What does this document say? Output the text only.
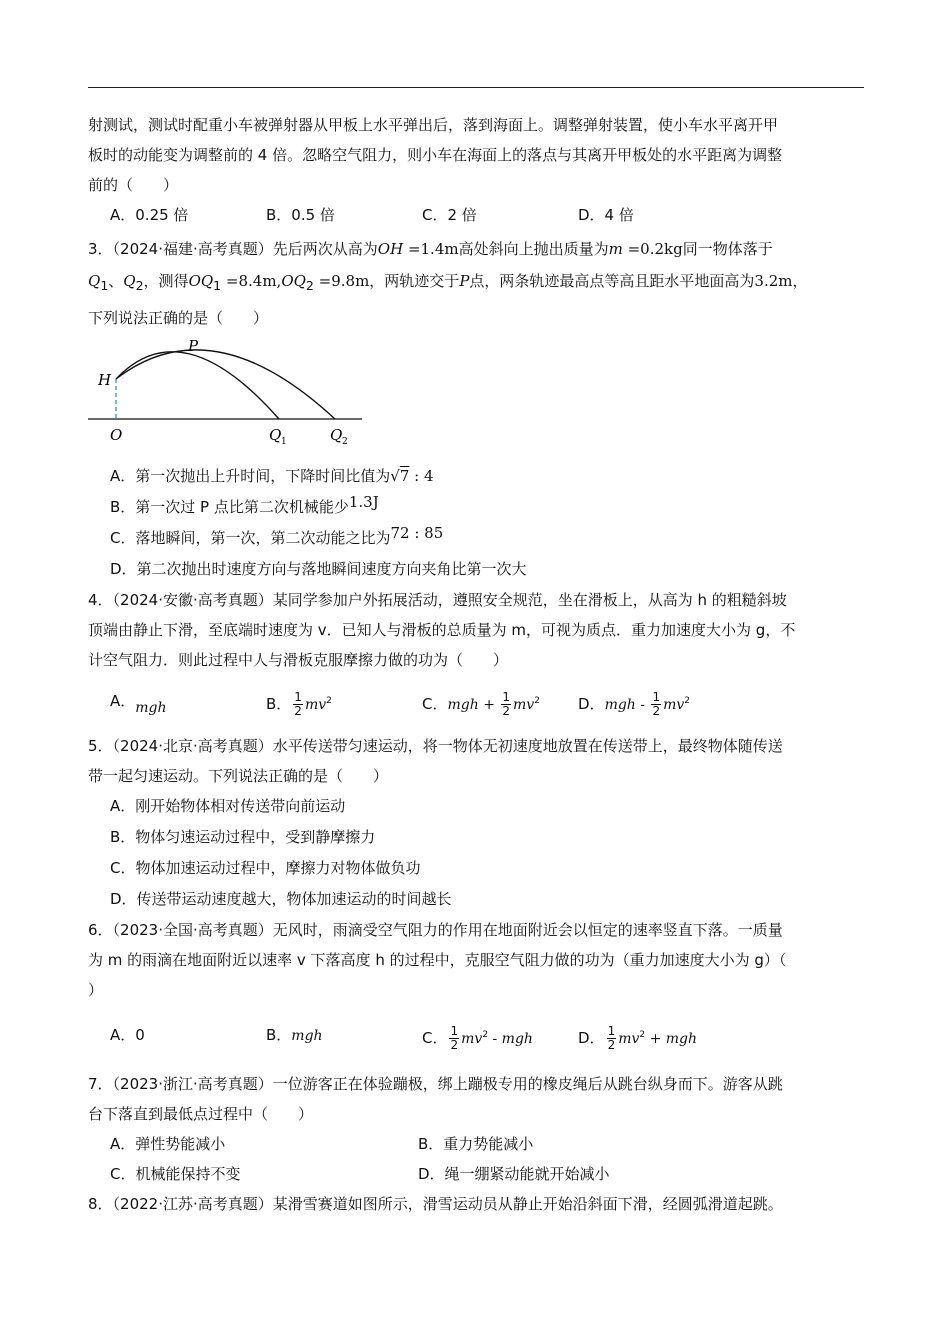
射测试，测试时配重小车被弹射器从甲板上水平弹出后，落到海面上。调整弹射装置，使小车水平离开甲
板时的动能变为调整前的 4 倍。忽略空气阻力，则小车在海面上的落点与其离开甲板处的水平距离为调整
前的（　　）
A．0.25 倍	B．0.5 倍	C．2 倍	D．4 倍
3．（2024·福建·高考真题）先后两次从高为OH =1.4m高处斜向上抛出质量为m =0.2kg同一物体落于
$Q_1$、$Q_2$，测得$OQ_1 =8.4m,OQ_2 =9.8m$，两轨迹交于P点，两条轨迹最高点等高且距水平地面高为3.2m，
下列说法正确的是（　　）
H
P
O	Q 1	Q 2
A．第一次抛出上升时间，下降时间比值为√7 : 4
B．第一次过 P 点比第二次机械能少1.3J
C．落地瞬间，第一次，第二次动能之比为72 : 85
D．第二次抛出时速度方向与落地瞬间速度方向夹角比第一次大
4．（2024·安徽·高考真题）某同学参加户外拓展活动，遵照安全规范，坐在滑板上，从高为 h 的粗糙斜坡
顶端由静止下滑，至底端时速度为 v．已知人与滑板的总质量为 m，可视为质点．重力加速度大小为 g，不
计空气阻力．则此过程中人与滑板克服摩擦力做的功为（　　）
A．mgh	B． $\frac{1}{2} mv^2$	C．mgh + $\frac{1}{2} mv^2$	D．mgh - $\frac{1}{2} mv^2$
5．（2024·北京·高考真题）水平传送带匀速运动，将一物体无初速度地放置在传送带上，最终物体随传送
带一起匀速运动。下列说法正确的是（　　）
A．刚开始物体相对传送带向前运动
B．物体匀速运动过程中，受到静摩擦力
C．物体加速运动过程中，摩擦力对物体做负功
D．传送带运动速度越大，物体加速运动的时间越长
6．（2023·全国·高考真题）无风时，雨滴受空气阻力的作用在地面附近会以恒定的速率竖直下落。一质量
为 m 的雨滴在地面附近以速率 v 下落高度 h 的过程中，克服空气阻力做的功为（重力加速度大小为 g）（
）
A．0	B．mgh	C． $\frac{1}{2} mv^2$ - mgh	D． $\frac{1}{2} mv^2$ + mgh
7．（2023·浙江·高考真题）一位游客正在体验蹦极，绑上蹦极专用的橡皮绳后从跳台纵身而下。游客从跳
台下落直到最低点过程中（　　）
A．弹性势能减小	B．重力势能减小
C．机械能保持不变	D．绳一绷紧动能就开始减小
8．（2022·江苏·高考真题）某滑雪赛道如图所示，滑雪运动员从静止开始沿斜面下滑，经圆弧滑道起跳。
